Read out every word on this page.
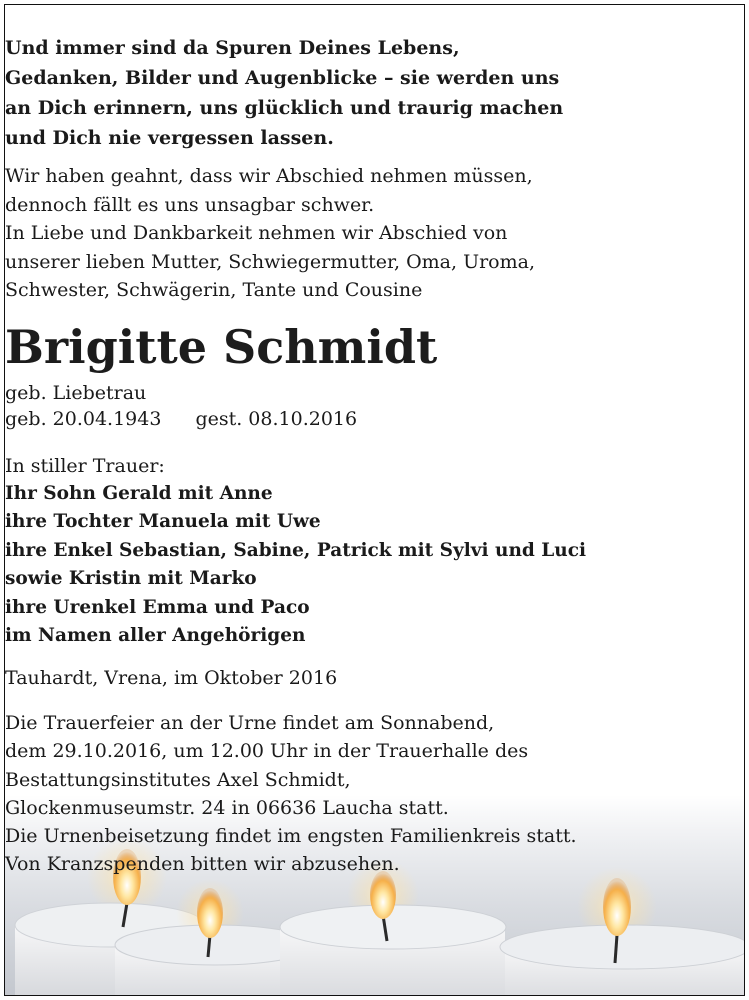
Und immer sind da Spuren Deines Lebens,
Gedanken, Bilder und Augenblicke – sie werden uns
an Dich erinnern, uns glücklich und traurig machen
und Dich nie vergessen lassen.
Wir haben geahnt, dass wir Abschied nehmen müssen,
dennoch fällt es uns unsagbar schwer.
In Liebe und Dankbarkeit nehmen wir Abschied von
unserer lieben Mutter, Schwiegermutter, Oma, Uroma,
Schwester, Schwägerin, Tante und Cousine
Brigitte Schmidt
geb. Liebetrau
geb. 20.04.1943 gest. 08.10.2016
In stiller Trauer:
Ihr Sohn Gerald mit Anne
ihre Tochter Manuela mit Uwe
ihre Enkel Sebastian, Sabine, Patrick mit Sylvi und Luci
sowie Kristin mit Marko
ihre Urenkel Emma und Paco
im Namen aller Angehörigen
Tauhardt, Vrena, im Oktober 2016
Die Trauerfeier an der Urne findet am Sonnabend,
dem 29.10.2016, um 12.00 Uhr in der Trauerhalle des
Bestattungsinstitutes Axel Schmidt,
Glockenmuseumstr. 24 in 06636 Laucha statt.
Die Urnenbeisetzung findet im engsten Familienkreis statt.
Von Kranzspenden bitten wir abzusehen.
